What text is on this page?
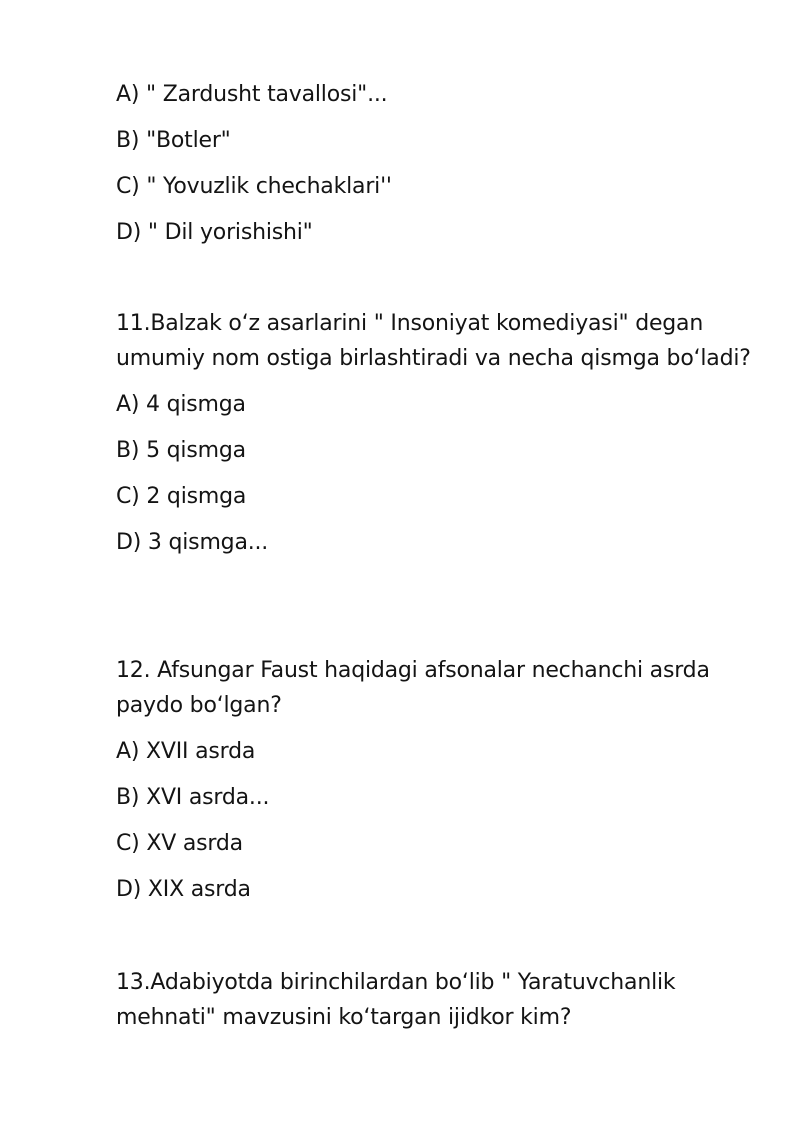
A) " Zardusht tavallosi"...
B) "Botler"
C) " Yovuzlik chechaklari''
D) " Dil yorishishi"
11.Balzak o‘z asarlarini " Insoniyat komediyasi" degan umumiy nom ostiga birlashtiradi va necha qismga bo‘ladi?
A) 4 qismga
B) 5 qismga
C) 2 qismga
D) 3 qismga...
12. Afsungar Faust haqidagi afsonalar nechanchi asrda paydo bo‘lgan?
A) XVII asrda
B) XVI asrda...
C) XV asrda
D) XIX asrda
13.Adabiyotda birinchilardan bo‘lib " Yaratuvchanlik mehnati" mavzusini ko‘targan ijidkor kim?
